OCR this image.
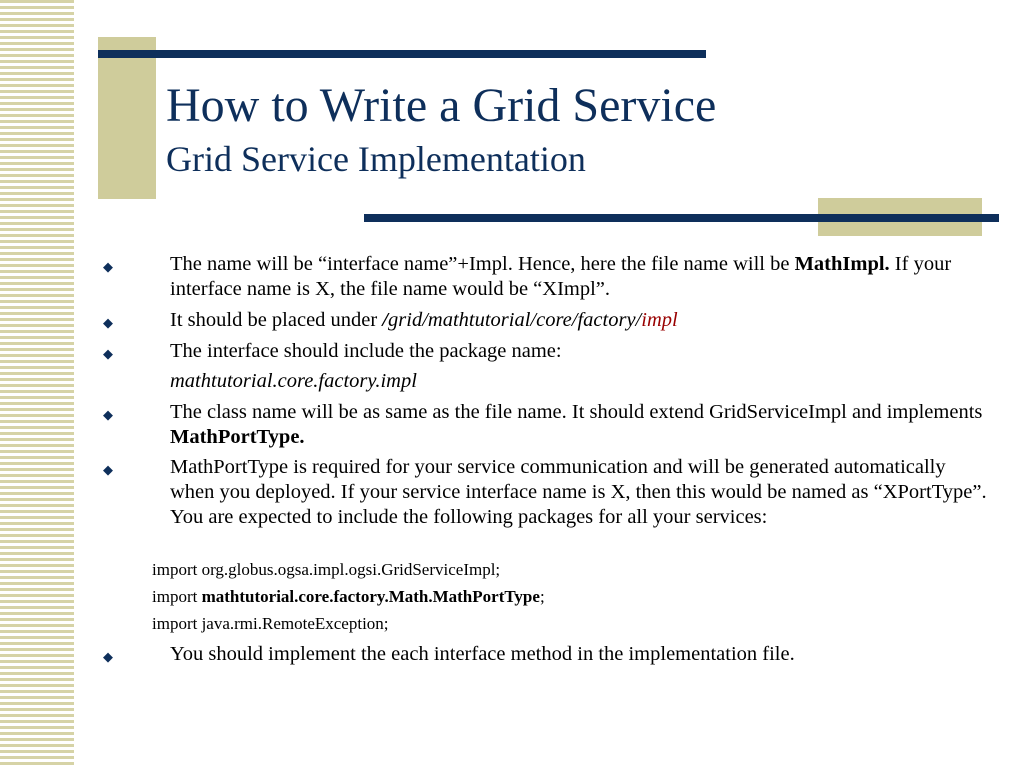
How to Write a Grid Service
Grid Service Implementation
◆	The name will be “interface name”+Impl. Hence, here the file name will be MathImpl. If your interface name is X, the file name would be “XImpl”.
◆	It should be placed under /grid/mathtutorial/core/factory/impl
◆	The interface should include the package name:
mathtutorial.core.factory.impl
◆	The class name will be as same as the file name. It should extend GridServiceImpl and implements MathPortType.
◆	MathPortType is required for your service communication and will be generated automatically when you deployed. If your service interface name is X, then this would be named as “XPortType”. You are expected to include the following packages for all your services:
import org.globus.ogsa.impl.ogsi.GridServiceImpl;
import mathtutorial.core.factory.Math.MathPortType;
import java.rmi.RemoteException;
◆	You should implement the each interface method in the implementation file.
